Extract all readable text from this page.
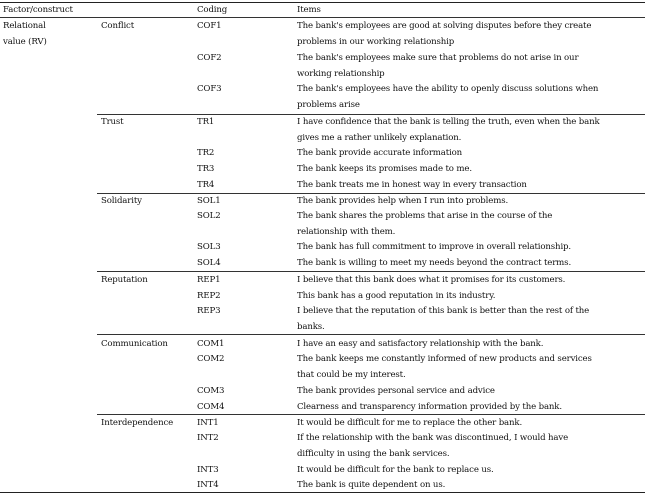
Factor/construct	Coding	Items
Relational
value (RV)
Conflict	COF1	The bank's employees are good at solving disputes before they create
problems in our working relationship
COF2	The bank's employees make sure that problems do not arise in our
working relationship
COF3	The bank's employees have the ability to openly discuss solutions when
problems arise
Trust	TR1	I have confidence that the bank is telling the truth, even when the bank
gives me a rather unlikely explanation.
TR2	The bank provide accurate information
TR3	The bank keeps its promises made to me.
TR4	The bank treats me in honest way in every transaction
Solidarity	SOL1	The bank provides help when I run into problems.
SOL2	The bank shares the problems that arise in the course of the
relationship with them.
SOL3	The bank has full commitment to improve in overall relationship.
SOL4	The bank is willing to meet my needs beyond the contract terms.
Reputation	REP1	I believe that this bank does what it promises for its customers.
REP2	This bank has a good reputation in its industry.
REP3	I believe that the reputation of this bank is better than the rest of the
banks.
Communication	COM1	I have an easy and satisfactory relationship with the bank.
COM2	The bank keeps me constantly informed of new products and services
that could be my interest.
COM3	The bank provides personal service and advice
COM4	Clearness and transparency information provided by the bank.
Interdependence	INT1	It would be difficult for me to replace the other bank.
INT2	If the relationship with the bank was discontinued, I would have
difficulty in using the bank services.
INT3	It would be difficult for the bank to replace us.
INT4	The bank is quite dependent on us.
